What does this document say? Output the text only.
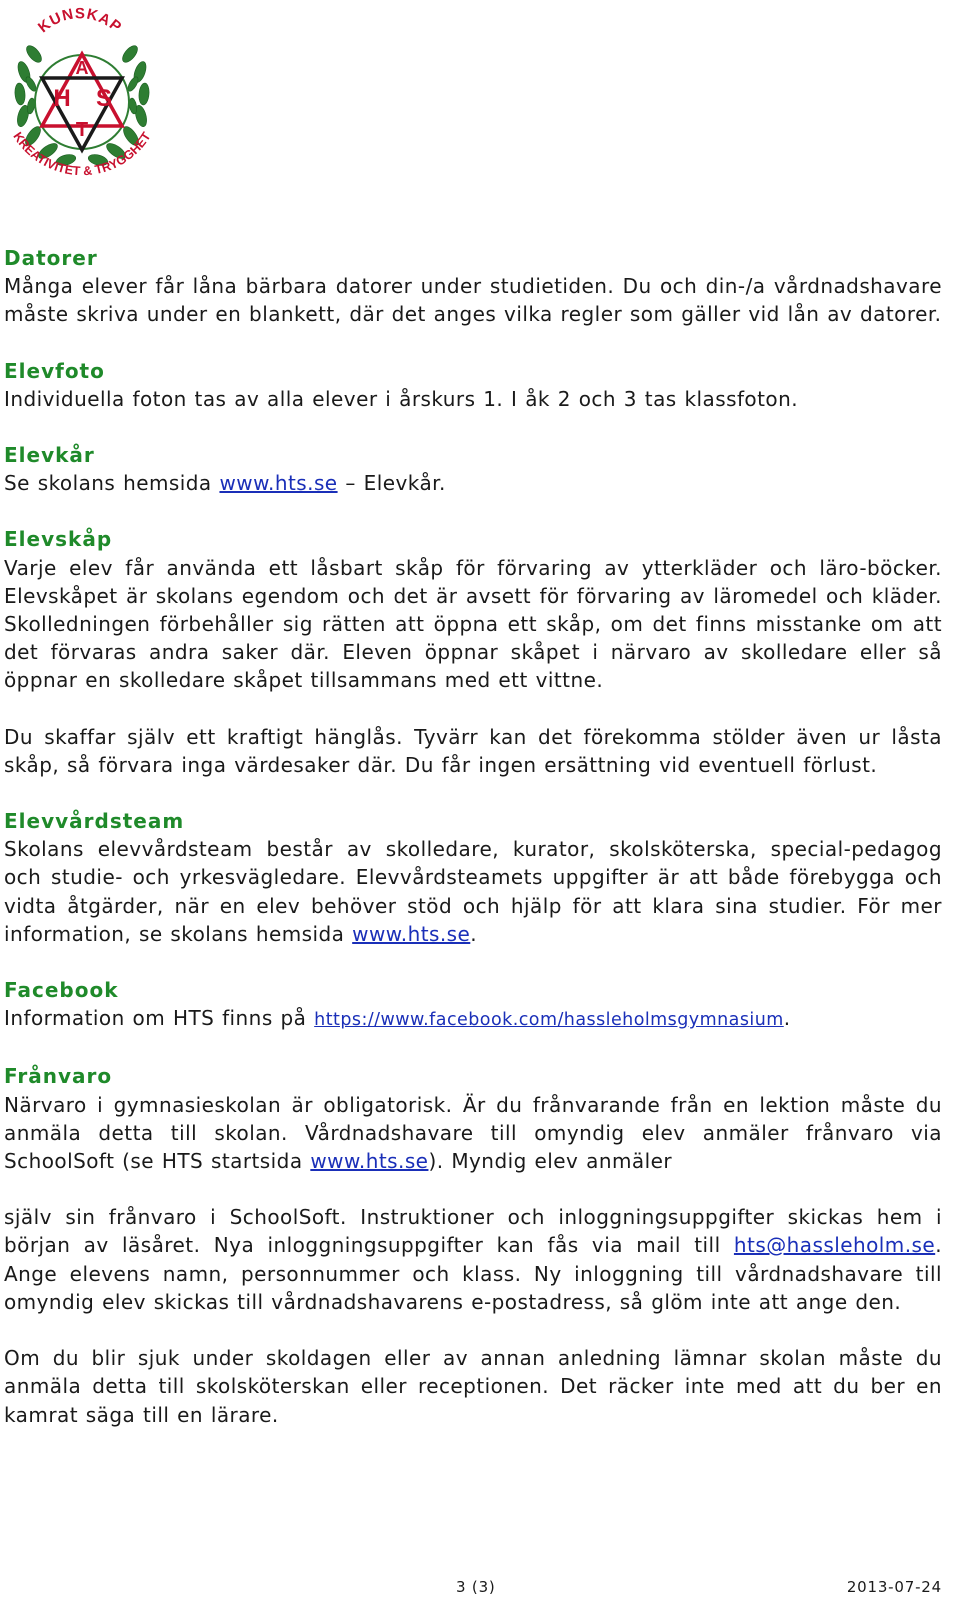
KUNSKAP
A
H S
T
KREATIVITET & TRYGGHET

Datorer

Många elever får låna bärbara datorer under studietiden. Du och din-/a vårdnadshavare måste skriva under en blankett, där det anges vilka regler som gäller vid lån av datorer.

Elevfoto

Individuella foton tas av alla elever i årskurs 1. I åk 2 och 3 tas klassfoton.

Elevkår

Se skolans hemsida www.hts.se – Elevkår.

Elevskåp

Varje elev får använda ett låsbart skåp för förvaring av ytterkläder och läro-böcker. Elevskåpet är skolans egendom och det är avsett för förvaring av läromedel och kläder. Skolledningen förbehåller sig rätten att öppna ett skåp, om det finns misstanke om att det förvaras andra saker där. Eleven öppnar skåpet i närvaro av skolledare eller så öppnar en skolledare skåpet tillsammans med ett vittne.

Du skaffar själv ett kraftigt hänglås. Tyvärr kan det förekomma stölder även ur låsta skåp, så förvara inga värdesaker där. Du får ingen ersättning vid eventuell förlust.

Elevvårdsteam

Skolans elevvårdsteam består av skolledare, kurator, skolsköterska, special-pedagog och studie- och yrkesvägledare. Elevvårdsteamets uppgifter är att både förebygga och vidta åtgärder, när en elev behöver stöd och hjälp för att klara sina studier. För mer information, se skolans hemsida www.hts.se.

Facebook

Information om HTS finns på https://www.facebook.com/hassleholmsgymnasium.

Frånvaro

Närvaro i gymnasieskolan är obligatorisk. Är du frånvarande från en lektion måste du anmäla detta till skolan. Vårdnadshavare till omyndig elev anmäler frånvaro via SchoolSoft (se HTS startsida www.hts.se). Myndig elev anmäler

själv sin frånvaro i SchoolSoft. Instruktioner och inloggningsuppgifter skickas hem i början av läsåret. Nya inloggningsuppgifter kan fås via mail till hts@hassleholm.se. Ange elevens namn, personnummer och klass. Ny inloggning till vårdnadshavare till omyndig elev skickas till vårdnadshavarens e-postadress, så glöm inte att ange den.

Om du blir sjuk under skoldagen eller av annan anledning lämnar skolan måste du anmäla detta till skolsköterskan eller receptionen. Det räcker inte med att du ber en kamrat säga till en lärare.

3 (3)	2013-07-24
